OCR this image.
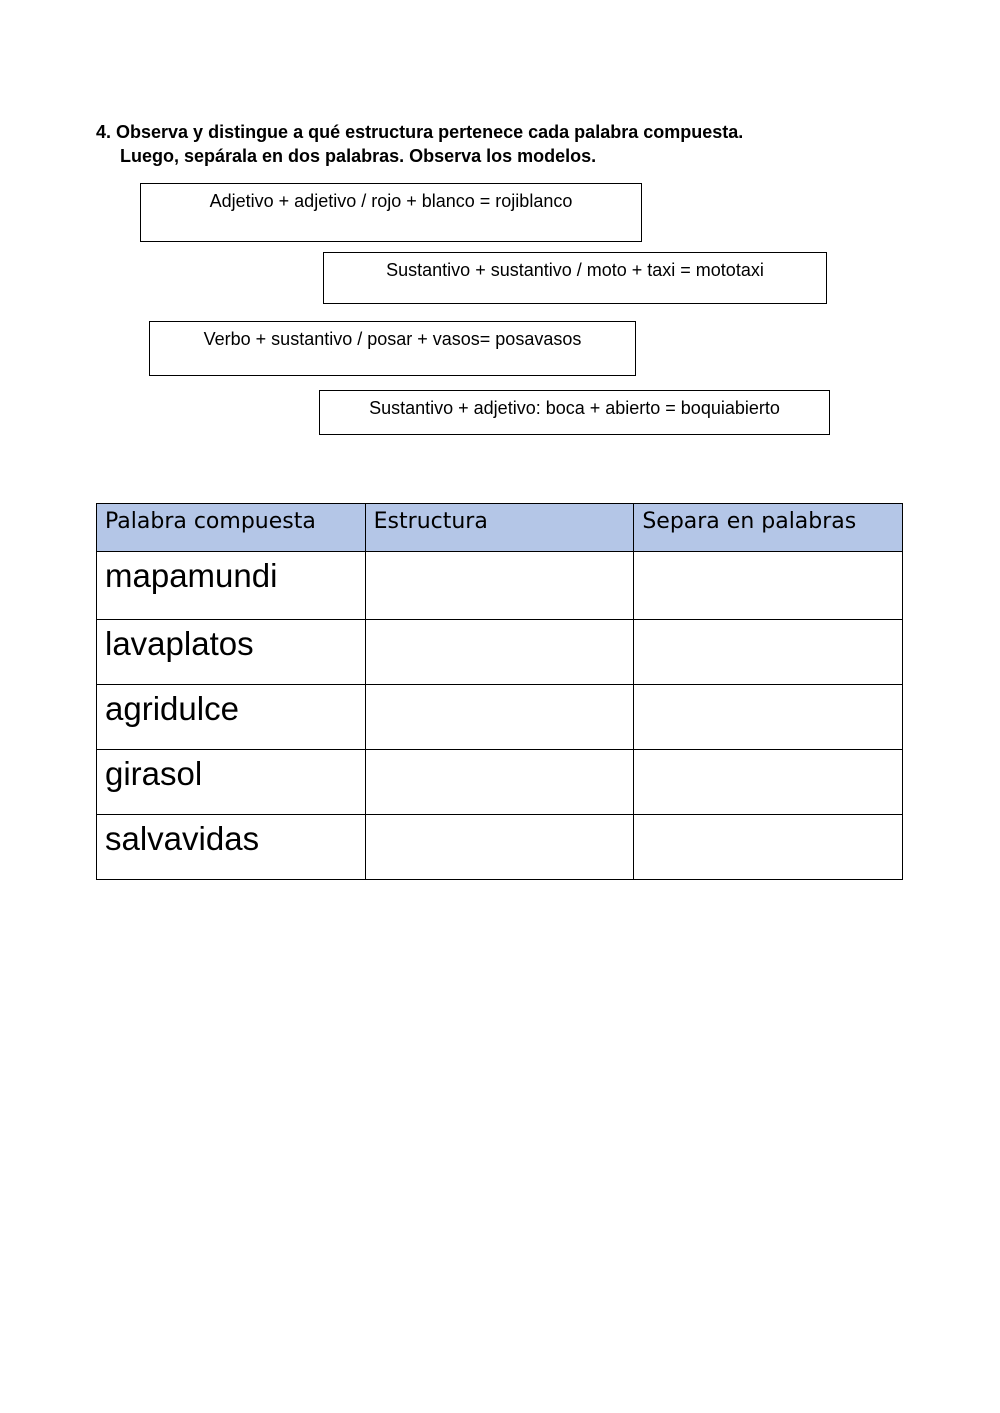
4. Observa y distingue a qué estructura pertenece cada palabra compuesta.
Luego, sepárala en dos palabras. Observa los modelos.
Adjetivo + adjetivo / rojo + blanco = rojiblanco
Sustantivo + sustantivo / moto + taxi = mototaxi
Verbo + sustantivo / posar + vasos= posavasos
Sustantivo + adjetivo: boca + abierto = boquiabierto
Palabra compuesta	Estructura	Separa en palabras
mapamundi		
lavaplatos		
agridulce		
girasol		
salvavidas		
